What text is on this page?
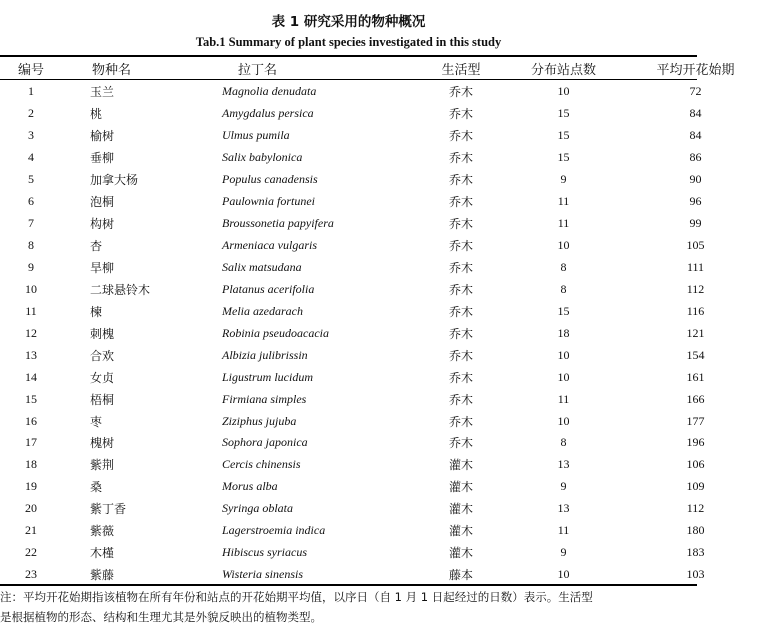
表 1 研究采用的物种概况
Tab.1 Summary of plant species investigated in this study
编号	物种名	拉丁名	生活型	分布站点数	平均开花始期
1	玉兰	Magnolia denudata	乔木	10	72
2	桃	Amygdalus persica	乔木	15	84
3	榆树	Ulmus pumila	乔木	15	84
4	垂柳	Salix babylonica	乔木	15	86
5	加拿大杨	Populus canadensis	乔木	9	90
6	泡桐	Paulownia fortunei	乔木	11	96
7	构树	Broussonetia papyifera	乔木	11	99
8	杏	Armeniaca vulgaris	乔木	10	105
9	旱柳	Salix matsudana	乔木	8	111
10	二球悬铃木	Platanus acerifolia	乔木	8	112
11	楝	Melia azedarach	乔木	15	116
12	刺槐	Robinia pseudoacacia	乔木	18	121
13	合欢	Albizia julibrissin	乔木	10	154
14	女贞	Ligustrum lucidum	乔木	10	161
15	梧桐	Firmiana simples	乔木	11	166
16	枣	Ziziphus jujuba	乔木	10	177
17	槐树	Sophora japonica	乔木	8	196
18	紫荆	Cercis chinensis	灌木	13	106
19	桑	Morus alba	灌木	9	109
20	紫丁香	Syringa oblata	灌木	13	112
21	紫薇	Lagerstroemia indica	灌木	11	180
22	木槿	Hibiscus syriacus	灌木	9	183
23	紫藤	Wisteria sinensis	藤本	10	103
注：平均开花始期指该植物在所有年份和站点的开花始期平均值，以序日（自 1 月 1 日起经过的日数）表示。生活型
是根据植物的形态、结构和生理尤其是外貌反映出的植物类型。
